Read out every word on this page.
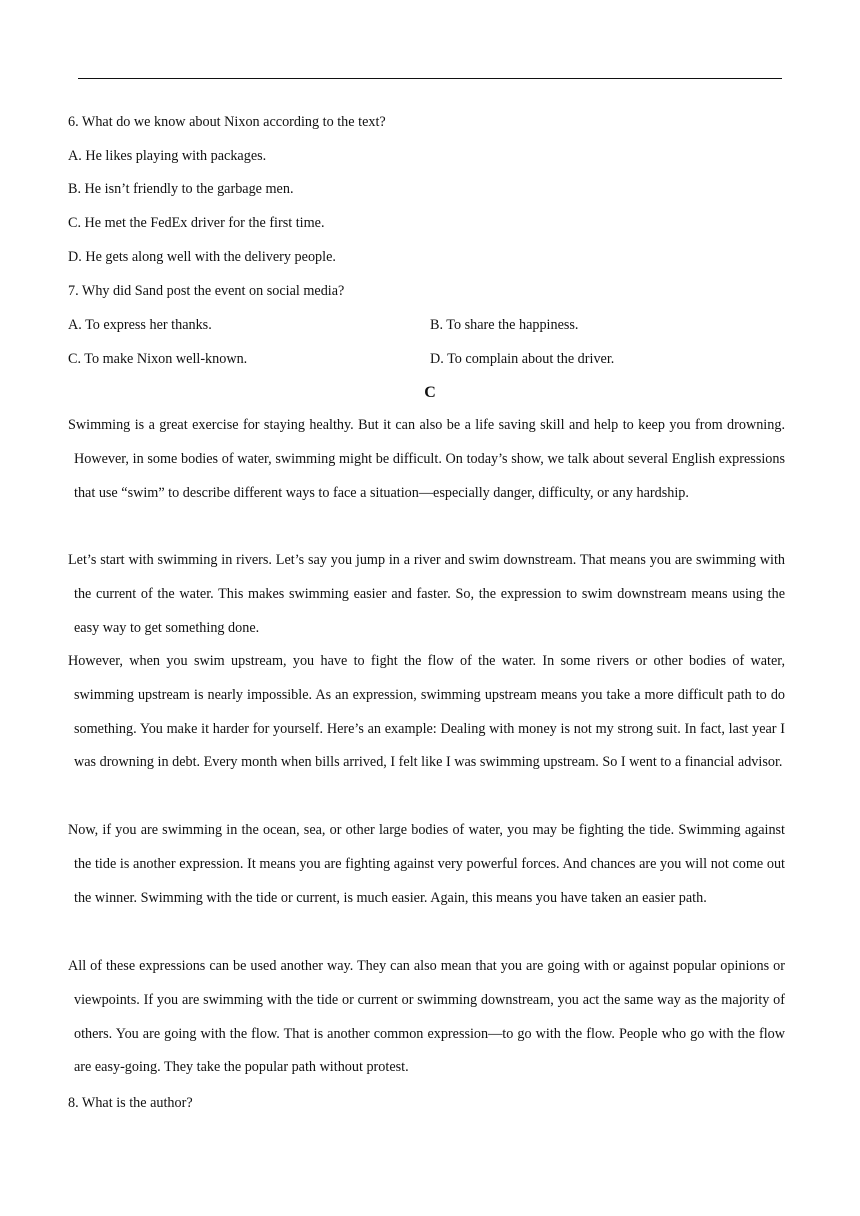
6. What do we know about Nixon according to the text?
A. He likes playing with packages.
B. He isn’t friendly to the garbage men.
C. He met the FedEx driver for the first time.
D. He gets along well with the delivery people.
7. Why did Sand post the event on social media?
A. To express her thanks.	B. To share the happiness.
C. To make Nixon well-known.	D. To complain about the driver.
C

Swimming is a great exercise for staying healthy. But it can also be a life saving skill and help to keep you from drowning. However, in some bodies of water, swimming might be difficult. On today’s show, we talk about several English expressions that use “swim” to describe different ways to face a situation—especially danger, difficulty, or any hardship.

Let’s start with swimming in rivers. Let’s say you jump in a river and swim downstream. That means you are swimming with the current of the water. This makes swimming easier and faster. So, the expression to swim downstream means using the easy way to get something done.

However, when you swim upstream, you have to fight the flow of the water. In some rivers or other bodies of water, swimming upstream is nearly impossible. As an expression, swimming upstream means you take a more difficult path to do something. You make it harder for yourself. Here’s an example: Dealing with money is not my strong suit. In fact, last year I was drowning in debt. Every month when bills arrived, I felt like I was swimming upstream. So I went to a financial advisor.

Now, if you are swimming in the ocean, sea, or other large bodies of water, you may be fighting the tide. Swimming against the tide is another expression. It means you are fighting against very powerful forces. And chances are you will not come out the winner. Swimming with the tide or current, is much easier. Again, this means you have taken an easier path.

All of these expressions can be used another way. They can also mean that you are going with or against popular opinions or viewpoints. If you are swimming with the tide or current or swimming downstream, you act the same way as the majority of others. You are going with the flow. That is another common expression—to go with the flow. People who go with the flow are easy-going. They take the popular path without protest.

8. What is the author?
